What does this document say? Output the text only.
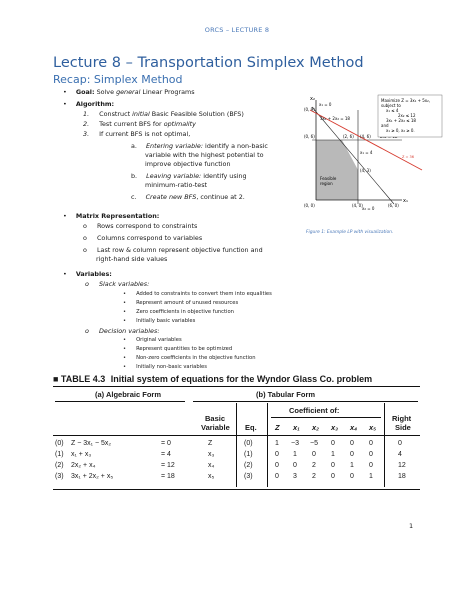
ORCS – LECTURE 8
Lecture 8 – Transportation Simplex Method
Recap: Simplex Method
• Goal: Solve general Linear Programs
• Algorithm:
1. Construct initial Basic Feasible Solution (BFS)
2. Test current BFS for optimality
3. If current BFS is not optimal,
a. Entering variable: identify a non-basic
variable with the highest potential to
improve objective function
b. Leaving variable: identify using
minimum-ratio-test
c. Create new BFS, continue at 2.
• Matrix Representation:
o Rows correspond to constraints
o Columns correspond to variables
o Last row & column represent objective function and
right-hand side values
• Variables:
o Slack variables:
• Added to constraints to convert them into equalities
• Represent amount of unused resources
• Zero coefficients in objective function
• Initially basic variables
o Decision variables:
• Original variables
• Represent quantities to be optimized
• Non-zero coefficients in the objective function
• Initially non-basic variables
x₂
x₁
x₁ = 0
x₂ = 0
3x₁ + 2x₂ = 18
x₁ = 4
Feasible
region
Z = 36
(0, 6)	(2, 6)
(4, 3)
(0, 0)	(4, 0)
(0, 9)
(6, 0)
(4, 6)
Maximize Z = 3x₁ + 5x₂,
subject to
x₁ ≤ 4
2x₂ ≤ 12
3x₁ + 2x₂ ≤ 18
and
x₁ ≥ 0, x₂ ≥ 0.
Figure 1: Example LP with visualization.
■ TABLE 4.3 Initial system of equations for the Wyndor Glass Co. problem
(a) Algebraic Form	(b) Tabular Form
Coefficient of:
Basic
Variable Eq.
Right
Side
Z x₁ x₂ x₃ x₄ x₅
(0) Z − 3x₁ − 5x₂	= 0	Z	(0)	1 −3 −5 0 0 0	0
(1) x₁ + x₃	= 4	x₃	(1)	0 1 0 1 0 0	4
(2) 2x₂ + x₄	= 12	x₄	(2)	0 0 2 0 1 0	12
(3) 3x₁ + 2x₂ + x₅	= 18	x₅	(3)	0 3 2 0 0 1	18
1
